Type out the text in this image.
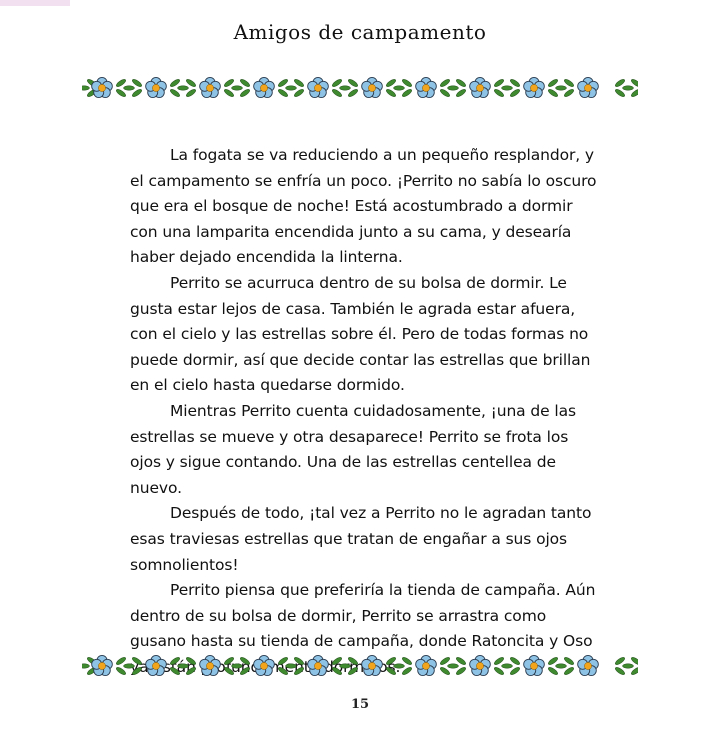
Amigos de campamento

La fogata se va reduciendo a un pequeño resplandor, y el campamento se enfría un poco. ¡Perrito no sabía lo oscuro que era el bosque de noche! Está acostumbrado a dormir con una lamparita encendida junto a su cama, y desearía haber dejado encendida la linterna.

Perrito se acurruca dentro de su bolsa de dormir. Le gusta estar lejos de casa. También le agrada estar afuera, con el cielo y las estrellas sobre él. Pero de todas formas no puede dormir, así que decide contar las estrellas que brillan en el cielo hasta quedarse dormido.

Mientras Perrito cuenta cuidadosamente, ¡una de las estrellas se mueve y otra desaparece! Perrito se frota los ojos y sigue contando. Una de las estrellas centellea de nuevo.

Después de todo, ¡tal vez a Perrito no le agradan tanto esas traviesas estrellas que tratan de engañar a sus ojos somnolientos!

Perrito piensa que preferiría la tienda de campaña. Aún dentro de su bolsa de dormir, Perrito se arrastra como gusano hasta su tienda de campaña, donde Ratoncita y Oso ya están

15
